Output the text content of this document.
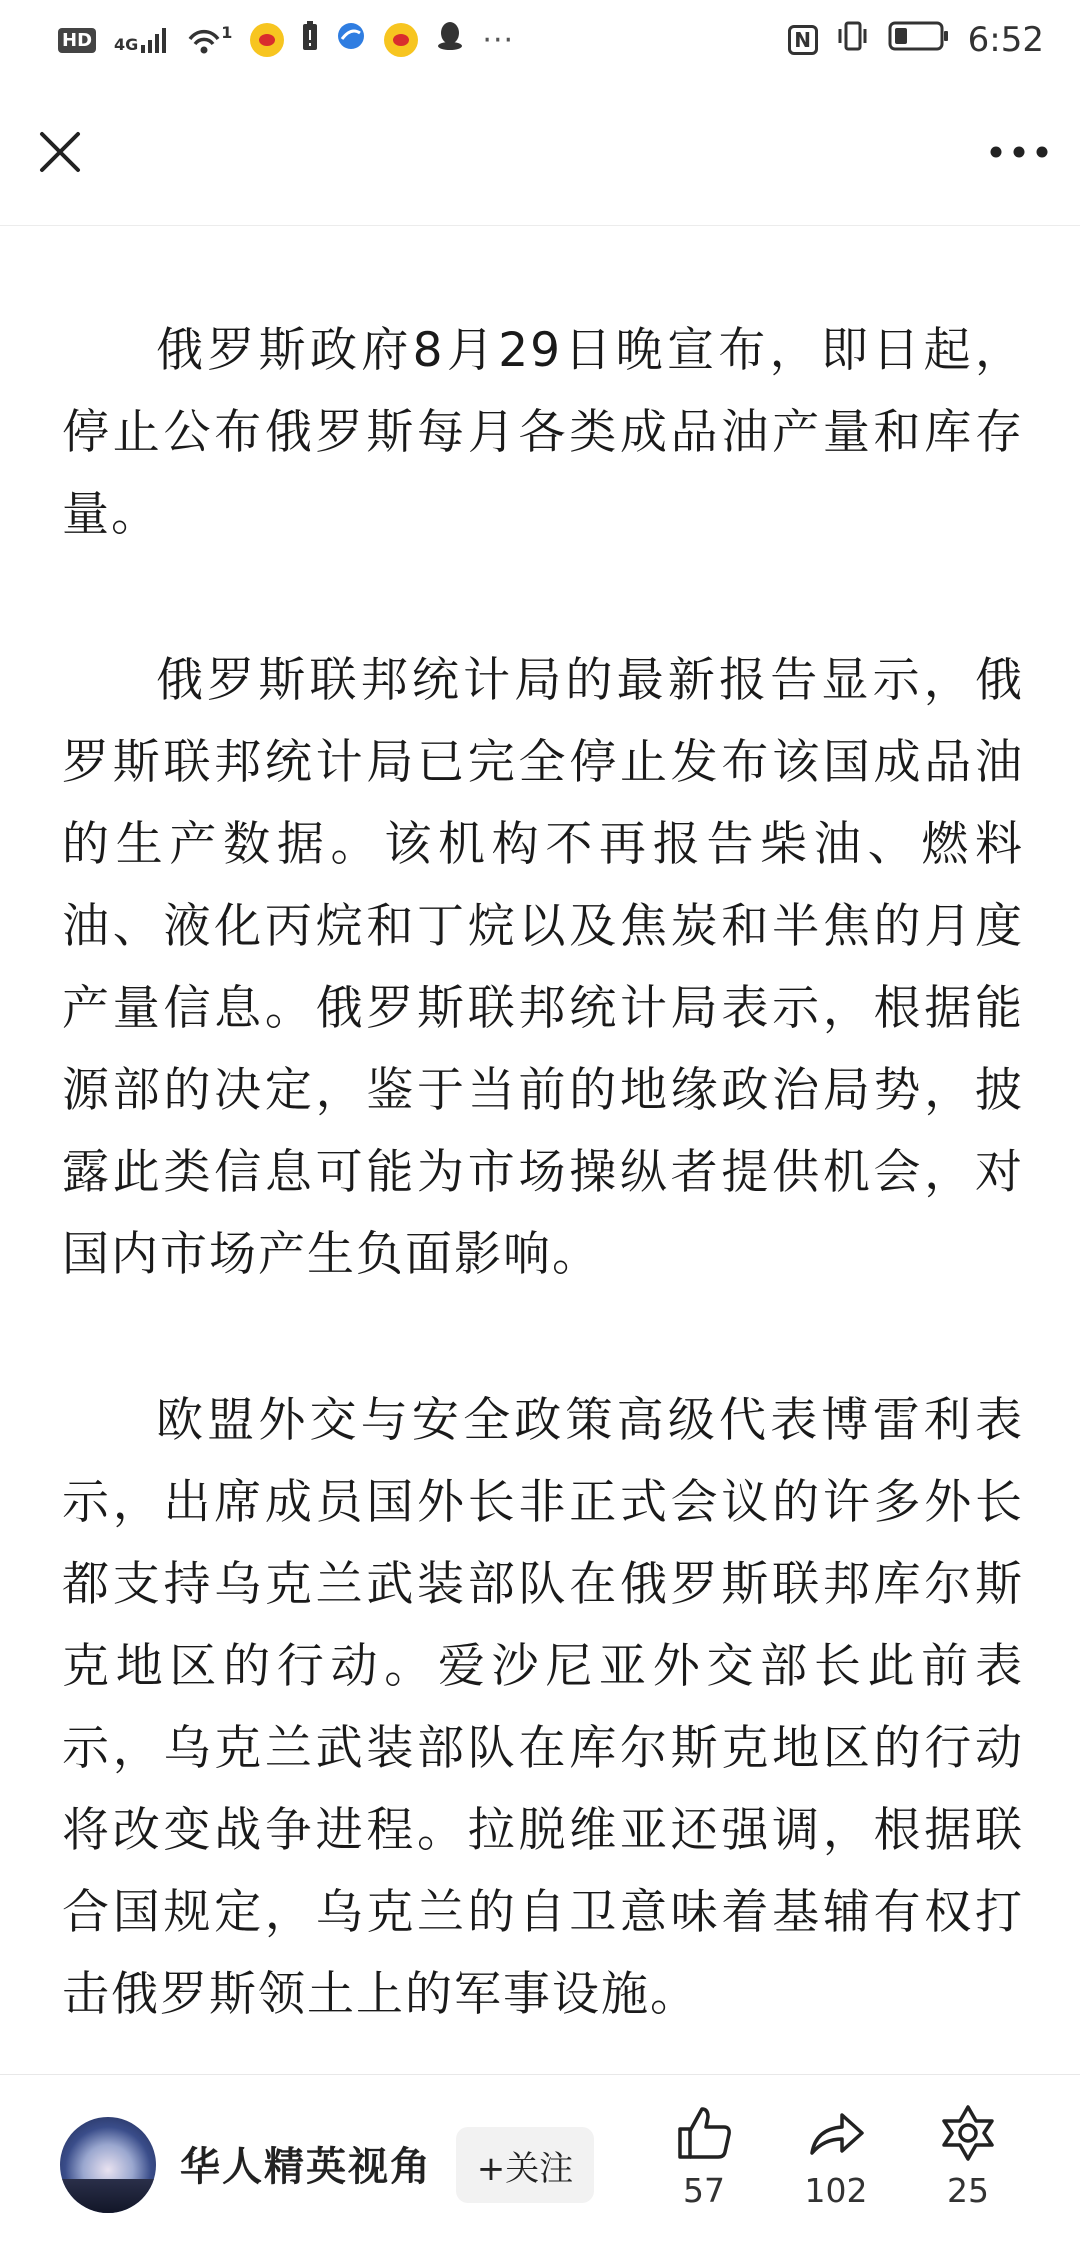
HD 4G
1	···	N	6:52

俄罗斯政府8月29日晚宣布，即日起，停止公布俄罗斯每月各类成品油产量和库存量。

俄罗斯联邦统计局的最新报告显示，俄罗斯联邦统计局已完全停止发布该国成品油的生产数据。该机构不再报告柴油、燃料油、液化丙烷和丁烷以及焦炭和半焦的月度产量信息。俄罗斯联邦统计局表示，根据能源部的决定，鉴于当前的地缘政治局势，披露此类信息可能为市场操纵者提供机会，对国内市场产生负面影响。

欧盟外交与安全政策高级代表博雷利表示，出席成员国外长非正式会议的许多外长都支持乌克兰武装部队在俄罗斯联邦库尔斯克地区的行动。爱沙尼亚外交部长此前表示，乌克兰武装部队在库尔斯克地区的行动将改变战争进程。拉脱维亚还强调，根据联合国规定，乌克兰的自卫意味着基辅有权打击俄罗斯领土上的军事设施。

华人精英视角	+关注
57 102 25
